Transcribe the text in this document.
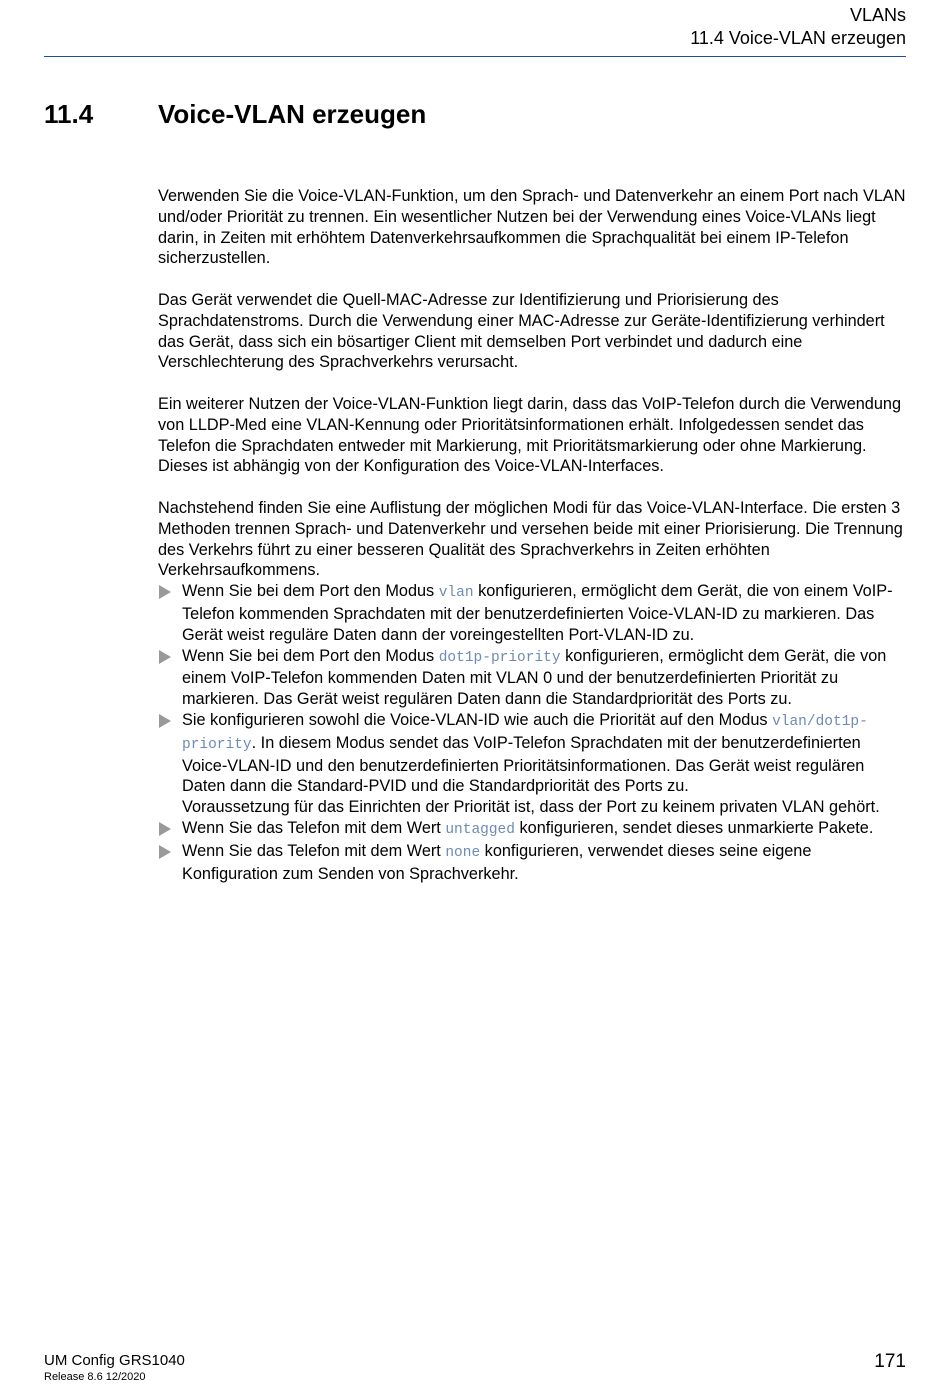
VLANs
11.4 Voice-VLAN erzeugen
11.4 Voice-VLAN erzeugen

Verwenden Sie die Voice-VLAN-Funktion, um den Sprach- und Datenverkehr an einem Port nach VLAN und/oder Priorität zu trennen. Ein wesentlicher Nutzen bei der Verwendung eines Voice-VLANs liegt darin, in Zeiten mit erhöhtem Datenverkehrsaufkommen die Sprachqualität bei einem IP-Telefon sicherzustellen.

Das Gerät verwendet die Quell-MAC-Adresse zur Identifizierung und Priorisierung des Sprachdatenstroms. Durch die Verwendung einer MAC-Adresse zur Geräte-Identifizierung verhindert das Gerät, dass sich ein bösartiger Client mit demselben Port verbindet und dadurch eine Verschlechterung des Sprachverkehrs verursacht.

Ein weiterer Nutzen der Voice-VLAN-Funktion liegt darin, dass das VoIP-Telefon durch die Verwendung von LLDP-Med eine VLAN-Kennung oder Prioritätsinformationen erhält. Infolgedessen sendet das Telefon die Sprachdaten entweder mit Markierung, mit Prioritätsmarkierung oder ohne Markierung. Dieses ist abhängig von der Konfiguration des Voice-VLAN-Interfaces.

Nachstehend finden Sie eine Auflistung der möglichen Modi für das Voice-VLAN-Interface. Die ersten 3 Methoden trennen Sprach- und Datenverkehr und versehen beide mit einer Priorisierung. Die Trennung des Verkehrs führt zu einer besseren Qualität des Sprachverkehrs in Zeiten erhöhten Verkehrsaufkommens.

Wenn Sie bei dem Port den Modus vlan konfigurieren, ermöglicht dem Gerät, die von einem VoIP-Telefon kommenden Sprachdaten mit der benutzerdefinierten Voice-VLAN-ID zu markieren. Das Gerät weist reguläre Daten dann der voreingestellten Port-VLAN-ID zu.
Wenn Sie bei dem Port den Modus dot1p-priority konfigurieren, ermöglicht dem Gerät, die von einem VoIP-Telefon kommenden Daten mit VLAN 0 und der benutzerdefinierten Priorität zu markieren. Das Gerät weist regulären Daten dann die Standardpriorität des Ports zu.
Sie konfigurieren sowohl die Voice-VLAN-ID wie auch die Priorität auf den Modus vlan/dot1p-priority. In diesem Modus sendet das VoIP-Telefon Sprachdaten mit der benutzerdefinierten Voice-VLAN-ID und den benutzerdefinierten Prioritätsinformationen. Das Gerät weist regulären Daten dann die Standard-PVID und die Standardpriorität des Ports zu.
Voraussetzung für das Einrichten der Priorität ist, dass der Port zu keinem privaten VLAN gehört.
Wenn Sie das Telefon mit dem Wert untagged konfigurieren, sendet dieses unmarkierte Pakete.
Wenn Sie das Telefon mit dem Wert none konfigurieren, verwendet dieses seine eigene Konfiguration zum Senden von Sprachverkehr.
UM Config GRS1040
Release 8.6 12/2020
171
